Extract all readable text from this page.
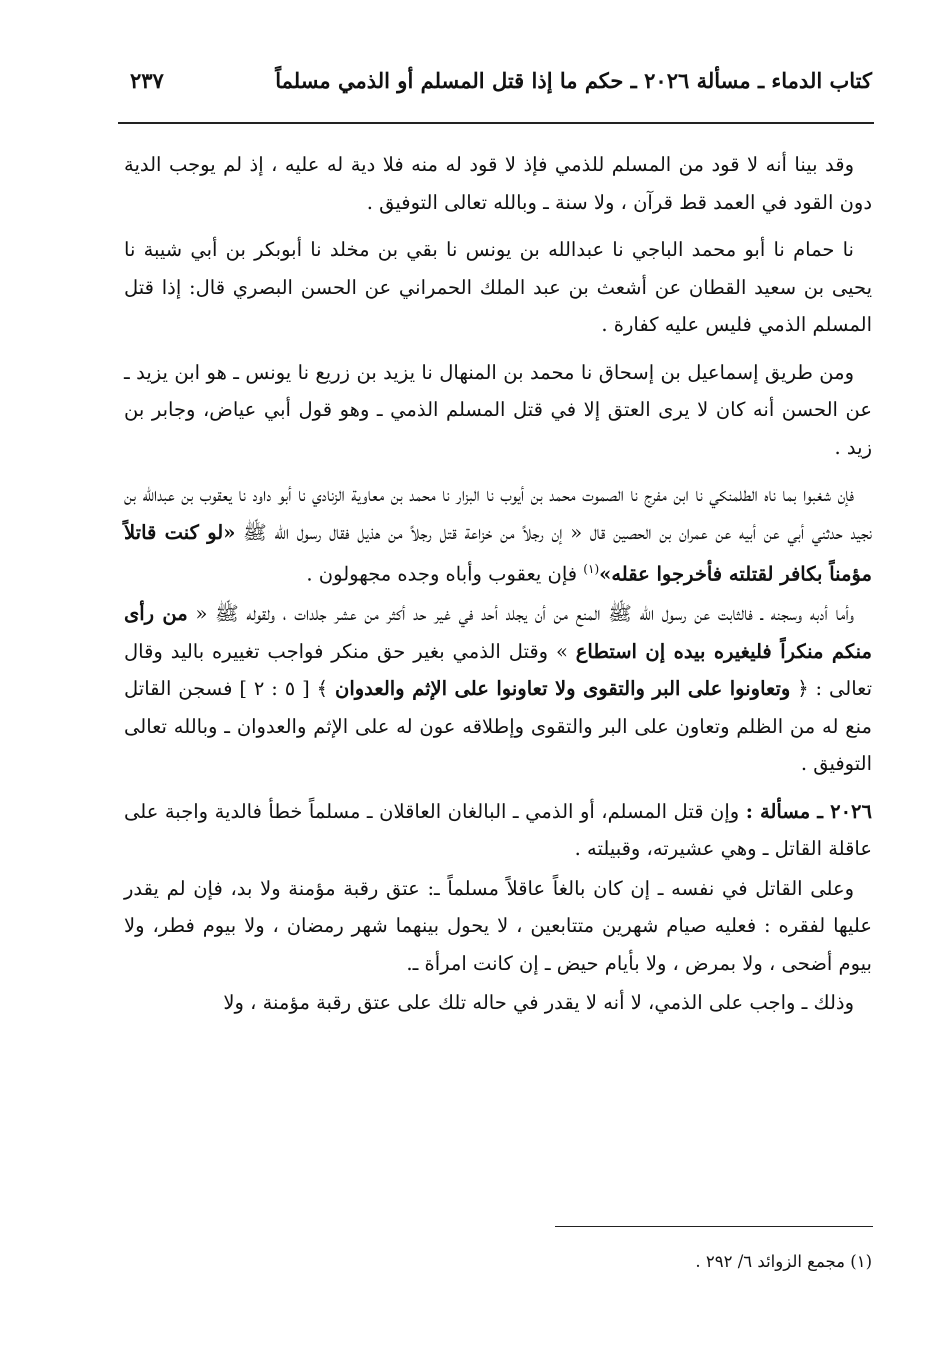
كتاب الدماء ـ مسألة ٢٠٢٦ ـ حكم ما إذا قتل المسلم أو الذمي مسلماً
٢٣٧

وقد بينا أنه لا قود من المسلم للذمي فإذ لا قود له منه فلا دية له عليه ، إذ لم يوجب الدية دون القود في العمد قط قرآن ، ولا سنة ـ وبالله تعالى التوفيق .

نا حمام نا أبو محمد الباجي نا عبدالله بن يونس نا بقي بن مخلد نا أبوبكر بن أبي شيبة نا يحيى بن سعيد القطان عن أشعث بن عبد الملك الحمراني عن الحسن البصري قال: إذا قتل المسلم الذمي فليس عليه كفارة .

ومن طريق إسماعيل بن إسحاق نا محمد بن المنهال نا يزيد بن زريع نا يونس ـ هو ابن يزيد ـ عن الحسن أنه كان لا يرى العتق إلا في قتل المسلم الذمي ـ وهو قول أبي عياض، وجابر بن زيد .

فإن شغبوا بما ناه الطلمنكي نا ابن مفرج نا الصموت محمد بن أيوب نا البزار نا محمد بن معاوية الزنادي نا أبو داود نا يعقوب بن عبدالله بن نجيد حدثني أبي عن أبيه عن عمران بن الحصين قال « إن رجلاً من خزاعة قتل رجلاً من هذيل فقال رسول الله ﷺ «لو كنت قاتلاً مؤمناً بكافر لقتلته فأخرجوا عقله»$^{(١)}$ فإن يعقوب وأباه وجده مجهولون .

وأما أدبه وسجنه ـ فالثابت عن رسول الله ﷺ المنع من أن يجلد أحد في غير حد أكثر من عشر جلدات ، ولقوله ﷺ « من رأى منكم منكراً فليغيره بيده إن استطاع » وقتل الذمي بغير حق منكر فواجب تغييره باليد وقال تعالى : ﴿ وتعاونوا على البر والتقوى ولا تعاونوا على الإثم والعدوان ﴾ [ ٥ : ٢ ] فسجن القاتل منع له من الظلم وتعاون على البر والتقوى وإطلاقه عون له على الإثم والعدوان ـ وبالله تعالى التوفيق .

٢٠٢٦ ـ مسألة : وإن قتل المسلم، أو الذمي ـ البالغان العاقلان ـ مسلماً خطأ فالدية واجبة على عاقلة القاتل ـ وهي عشيرته، وقبيلته .

وعلى القاتل في نفسه ـ إن كان بالغاً عاقلاً مسلماً ـ: عتق رقبة مؤمنة ولا بد، فإن لم يقدر عليها لفقره : فعليه صيام شهرين متتابعين ، لا يحول بينهما شهر رمضان ، ولا بيوم فطر، ولا بيوم أضحى ، ولا بمرض ، ولا بأيام حيض ـ إن كانت امرأة ـ.

وذلك ـ واجب على الذمي، لا أنه لا يقدر في حاله تلك على عتق رقبة مؤمنة ، ولا

(١) مجمع الزوائد ٦/ ٢٩٢ .
